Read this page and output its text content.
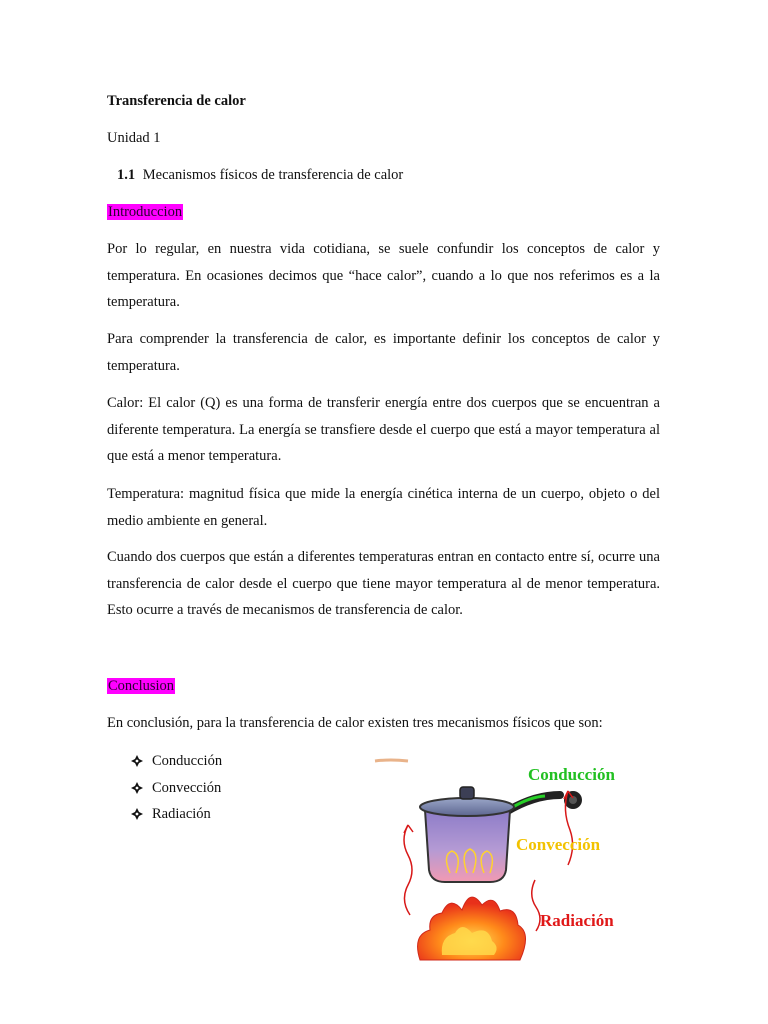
Transferencia de calor
Unidad 1
1.1 Mecanismos físicos de transferencia de calor
Introduccion
Por lo regular, en nuestra vida cotidiana, se suele confundir los conceptos de calor y temperatura. En ocasiones decimos que “hace calor”, cuando a lo que nos referimos es a la temperatura.
Para comprender la transferencia de calor, es importante definir los conceptos de calor y temperatura.
Calor: El calor (Q) es una forma de transferir energía entre dos cuerpos que se encuentran a diferente temperatura. La energía se transfiere desde el cuerpo que está a mayor temperatura al que está a menor temperatura.
Temperatura: magnitud física que mide la energía cinética interna de un cuerpo, objeto o del medio ambiente en general.
Cuando dos cuerpos que están a diferentes temperaturas entran en contacto entre sí, ocurre una transferencia de calor desde el cuerpo que tiene mayor temperatura al de menor temperatura. Esto ocurre a través de mecanismos de transferencia de calor.
Conclusion
En conclusión, para la transferencia de calor existen tres mecanismos físicos que son:
Conducción
Convección
Radiación
Conducción
Convección
Radiación
